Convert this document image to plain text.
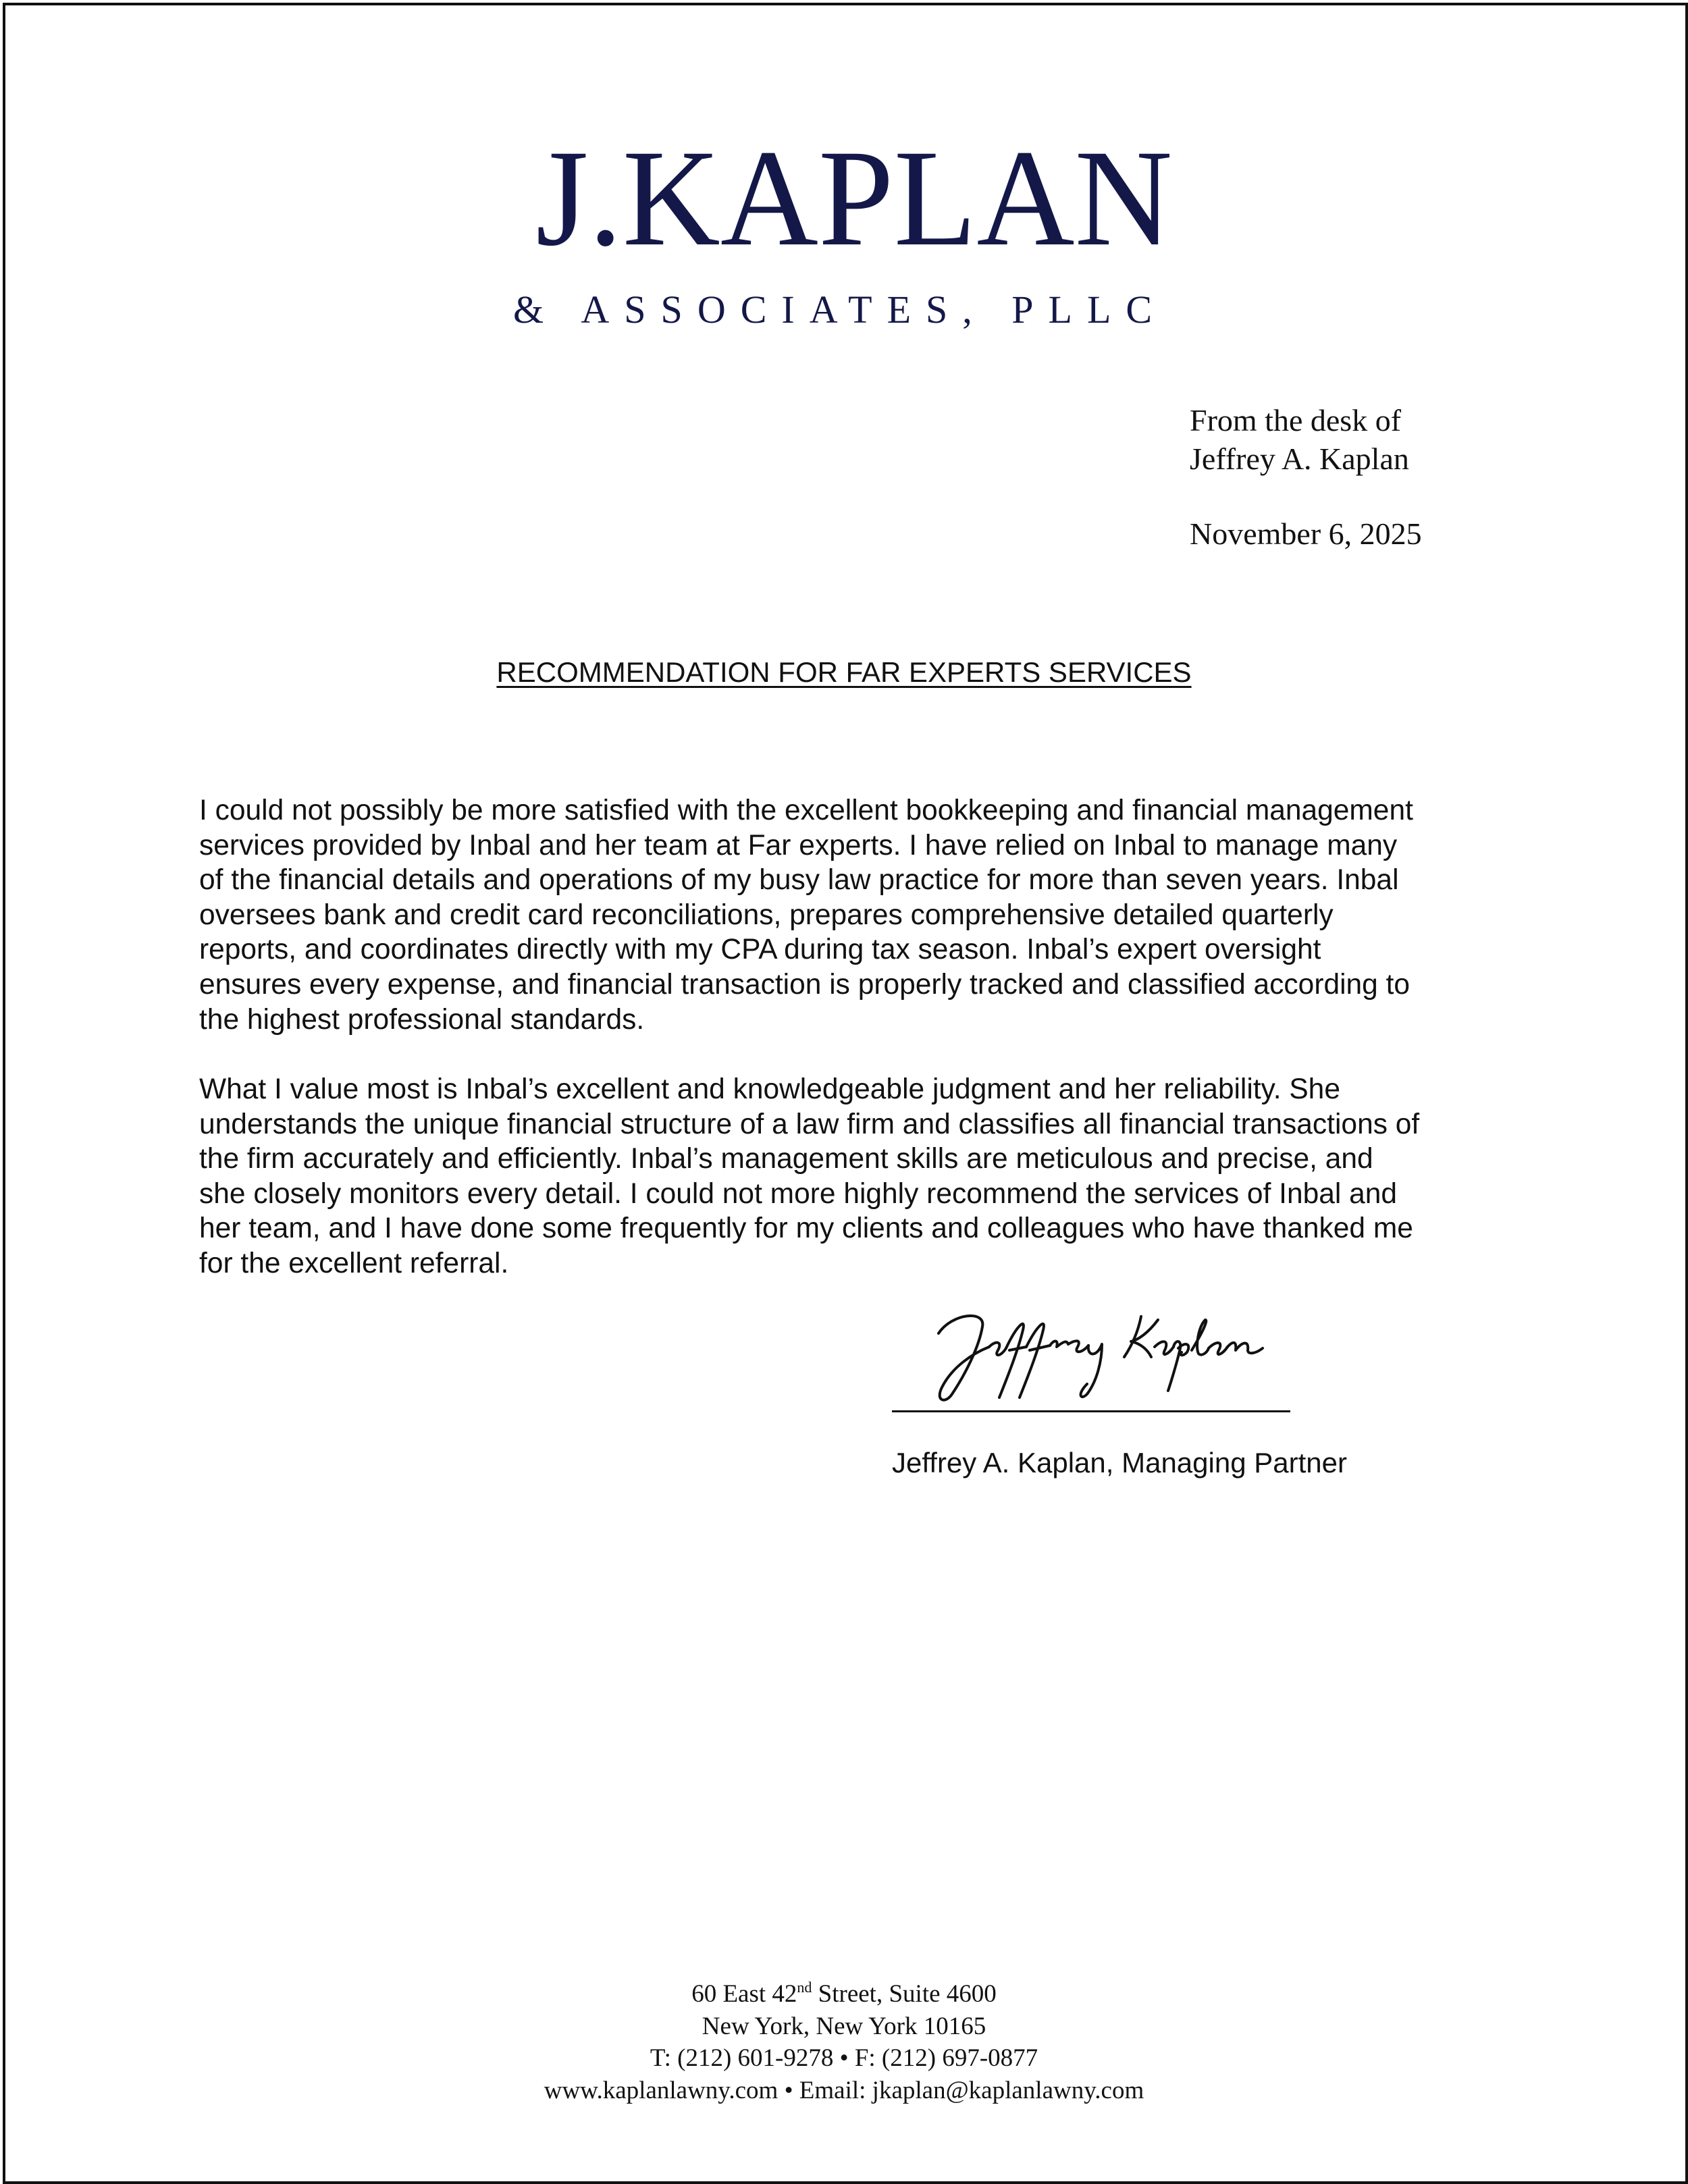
J.KAPLAN
& ASSOCIATES, PLLC
From the desk of
Jeffrey A. Kaplan
November 6, 2025
RECOMMENDATION FOR FAR EXPERTS SERVICES
I could not possibly be more satisfied with the excellent bookkeeping and financial management
services provided by Inbal and her team at Far experts. I have relied on Inbal to manage many
of the financial details and operations of my busy law practice for more than seven years. Inbal
oversees bank and credit card reconciliations, prepares comprehensive detailed quarterly
reports, and coordinates directly with my CPA during tax season. Inbal’s expert oversight
ensures every expense, and financial transaction is properly tracked and classified according to
the highest professional standards.
What I value most is Inbal’s excellent and knowledgeable judgment and her reliability. She
understands the unique financial structure of a law firm and classifies all financial transactions of
the firm accurately and efficiently. Inbal’s management skills are meticulous and precise, and
she closely monitors every detail. I could not more highly recommend the services of Inbal and
her team, and I have done some frequently for my clients and colleagues who have thanked me
for the excellent referral.
Jeffrey A. Kaplan, Managing Partner
60 East 42nd Street, Suite 4600
New York, New York 10165
T: (212) 601-9278 • F: (212) 697-0877
www.kaplanlawny.com • Email: jkaplan@kaplanlawny.com
